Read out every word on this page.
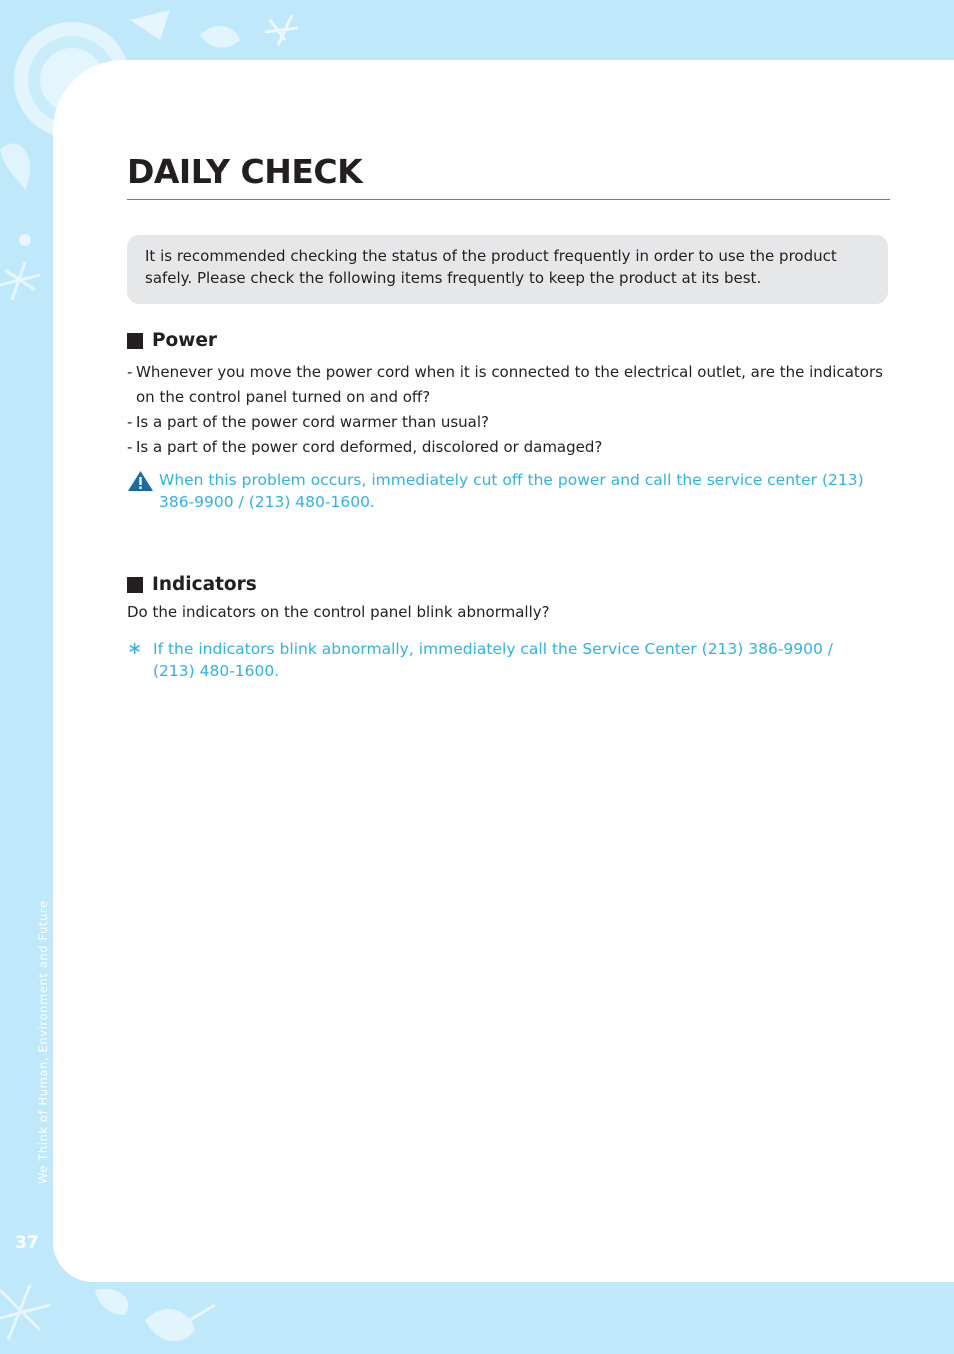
We Think of Human, Environment and Future
37
DAILY CHECK
It is recommended checking the status of the product frequently in order to use the product safely. Please check the following items frequently to keep the product at its best.
Power
- Whenever you move the power cord when it is connected to the electrical outlet, are the indicators on the control panel turned on and off?
- Is a part of the power cord warmer than usual?
- Is a part of the power cord deformed, discolored or damaged?
When this problem occurs, immediately cut off the power and call the service center (213) 386-9900 / (213) 480-1600.
Indicators

Do the indicators on the control panel blink abnormally?

∗ If the indicators blink abnormally, immediately call the Service Center (213) 386-9900 / (213) 480-1600.
